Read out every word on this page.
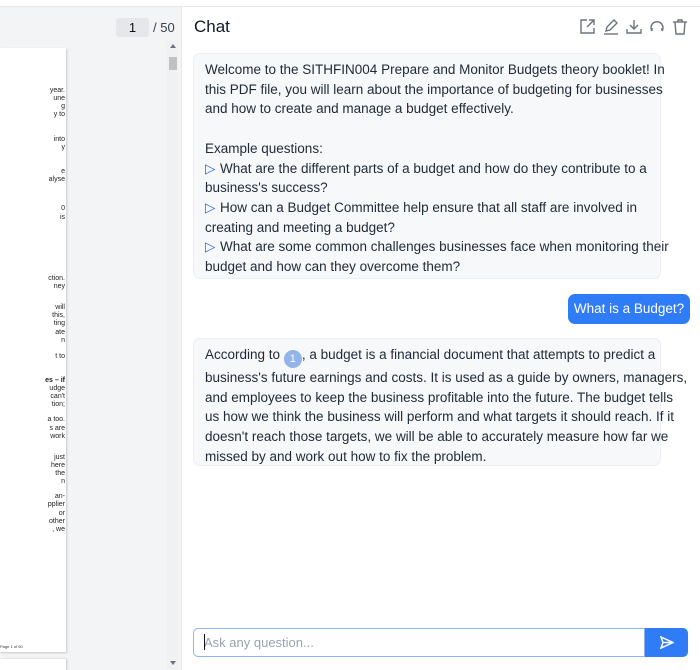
1	/ 50
Page 1 of 50
year.
une
g
y to
into
y
e
alyse
0
is
ction.
ney
will
this,
ting
ate
n
t to
es – if
udge
can't
tion;
a too.
s are
work
just
here
the
n
an-
pplier
or
other
, we
Chat
Welcome to the SITHFIN004 Prepare and Monitor Budgets theory booklet! In
this PDF file, you will learn about the importance of budgeting for businesses
and how to create and manage a budget effectively.

Example questions:
▷ What are the different parts of a budget and how do they contribute to a
business's success?
▷ How can a Budget Committee help ensure that all staff are involved in
creating and meeting a budget?
▷ What are some common challenges businesses face when monitoring their
budget and how can they overcome them?
What is a Budget?
According to 1 , a budget is a financial document that attempts to predict a
business's future earnings and costs. It is used as a guide by owners, managers,
and employees to keep the business profitable into the future. The budget tells
us how we think the business will perform and what targets it should reach. If it
doesn't reach those targets, we will be able to accurately measure how far we
missed by and work out how to fix the problem.
Ask any question...
